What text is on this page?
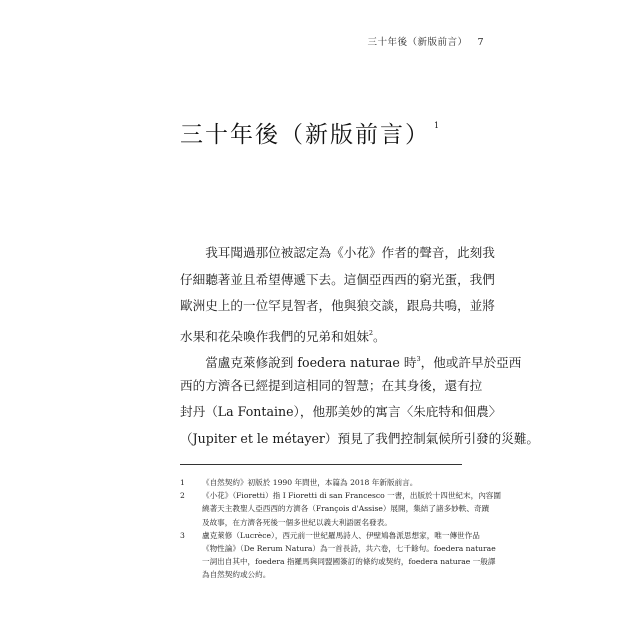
三十年後（新版前言） 7
三十年後（新版前言） $^1$
　　我耳聞過那位被認定為《小花》作者的聲音，此刻我
仔細聽著並且希望傳遞下去。這個亞西西的窮光蛋，我們
歐洲史上的一位罕見智者，他與狼交談，跟鳥共鳴，並將
水果和花朵喚作我們的兄弟和姐妹$^2$。
　　當盧克萊修說到 foedera naturae 時$^3$，他或許早於亞西
西的方濟各已經提到這相同的智慧；在其身後，還有拉
封丹（La Fontaine），他那美妙的寓言〈朱庇特和佃農〉
（Jupiter et le métayer）預見了我們控制氣候所引發的災難。
1 《自然契約》初版於 1990 年問世，本篇為 2018 年新版前言。
2 《小花》（Fioretti）指 I Fioretti di san Francesco 一書，出版於十四世紀末，內容圍
繞著天主教聖人亞西西的方濟各（François d'Assise）展開，集結了諸多妙軼、奇蹟
及故事，在方濟各死後一個多世紀以義大利語匿名發表。
3 盧克萊修（Lucrèce），西元前一世紀羅馬詩人、伊壁鳩魯派思想家，唯一傳世作品
《物性論》（De Rerum Natura）為一首長詩，共六卷，七千餘句。foedera naturae
一詞出自其中，foedera 指羅馬與同盟國簽訂的條約或契約，foedera naturae 一般譯
為自然契約或公約。
